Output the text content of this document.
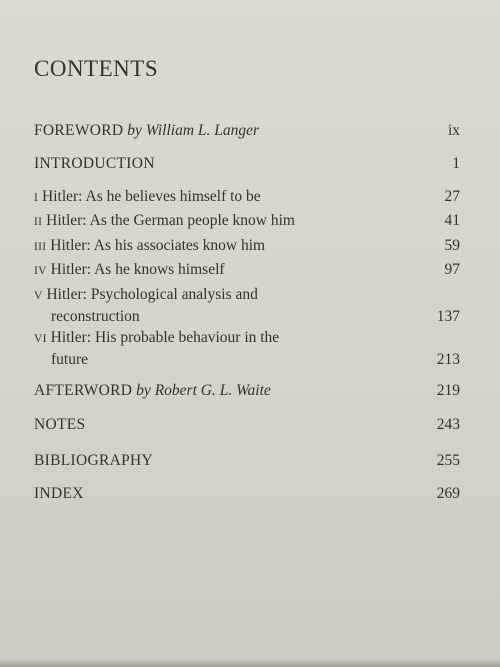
CONTENTS
FOREWORD by William L. Langer	ix
INTRODUCTION	1
I Hitler: As he believes himself to be	27
II Hitler: As the German people know him	41
III Hitler: As his associates know him	59
IV Hitler: As he knows himself	97
V Hitler: Psychological analysis and
reconstruction	137
VI Hitler: His probable behaviour in the
future	213
AFTERWORD by Robert G. L. Waite	219
NOTES	243
BIBLIOGRAPHY	255
INDEX	269
